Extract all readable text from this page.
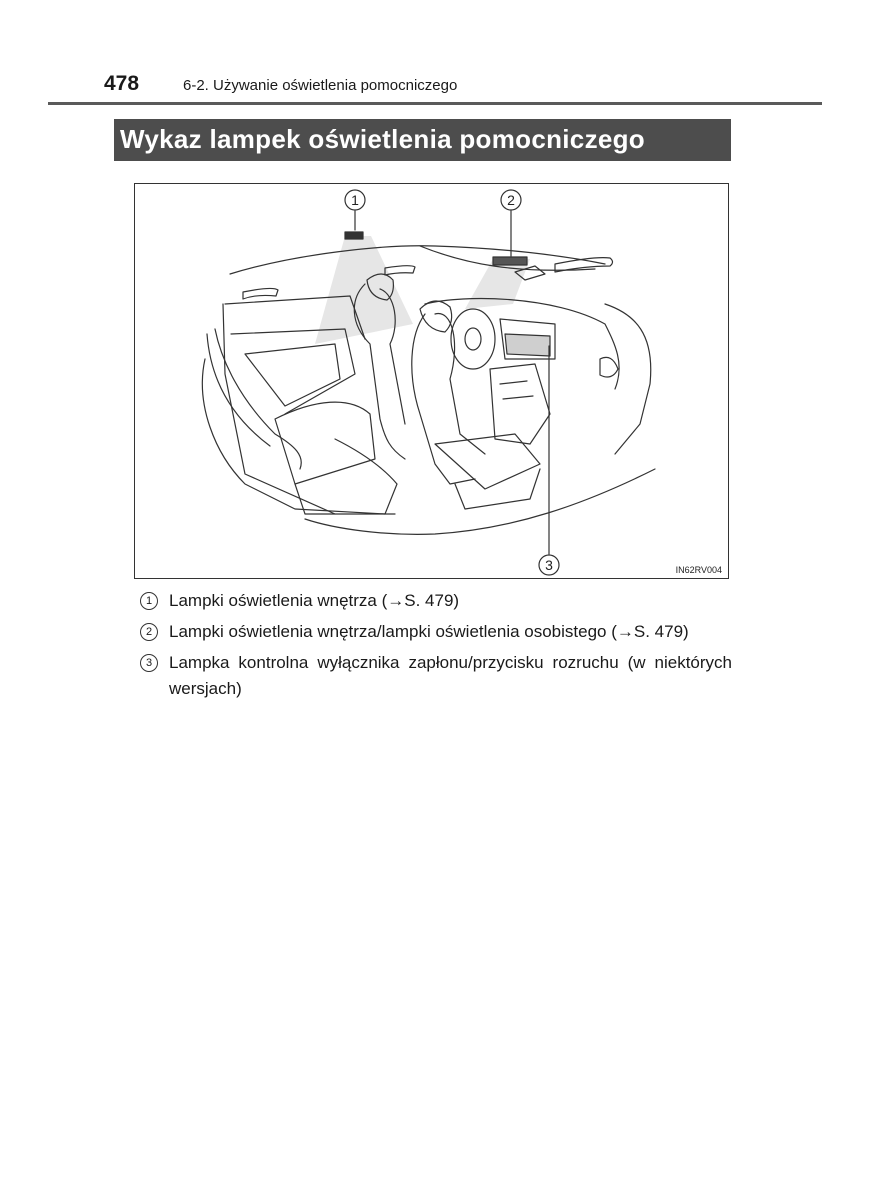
478	6-2. Używanie oświetlenia pomocniczego
Wykaz lampek oświetlenia pomocniczego
1	2
3	IN62RV004
1 Lampki oświetlenia wnętrza (→S. 479)
2 Lampki oświetlenia wnętrza/lampki oświetlenia osobistego (→S. 479)
3 Lampka kontrolna wyłącznika zapłonu/przycisku rozruchu (w niektórych wersjach)
